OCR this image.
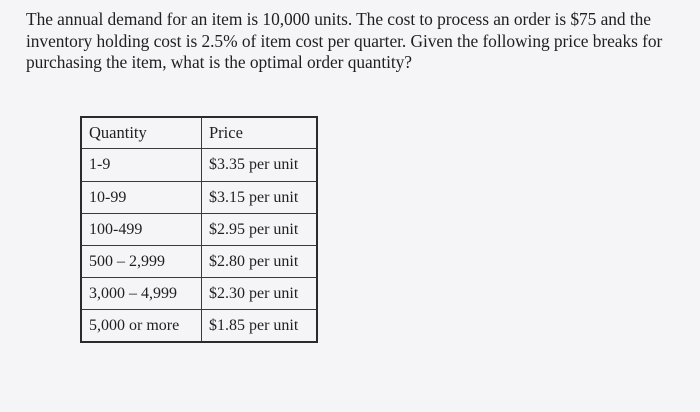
The annual demand for an item is 10,000 units. The cost to process an order is $75 and the inventory holding cost is 2.5% of item cost per quarter. Given the following price breaks for purchasing the item, what is the optimal order quantity?
Quantity	Price
1-9	$3.35 per unit
10-99	$3.15 per unit
100-499	$2.95 per unit
500 – 2,999	$2.80 per unit
3,000 – 4,999	$2.30 per unit
5,000 or more	$1.85 per unit
